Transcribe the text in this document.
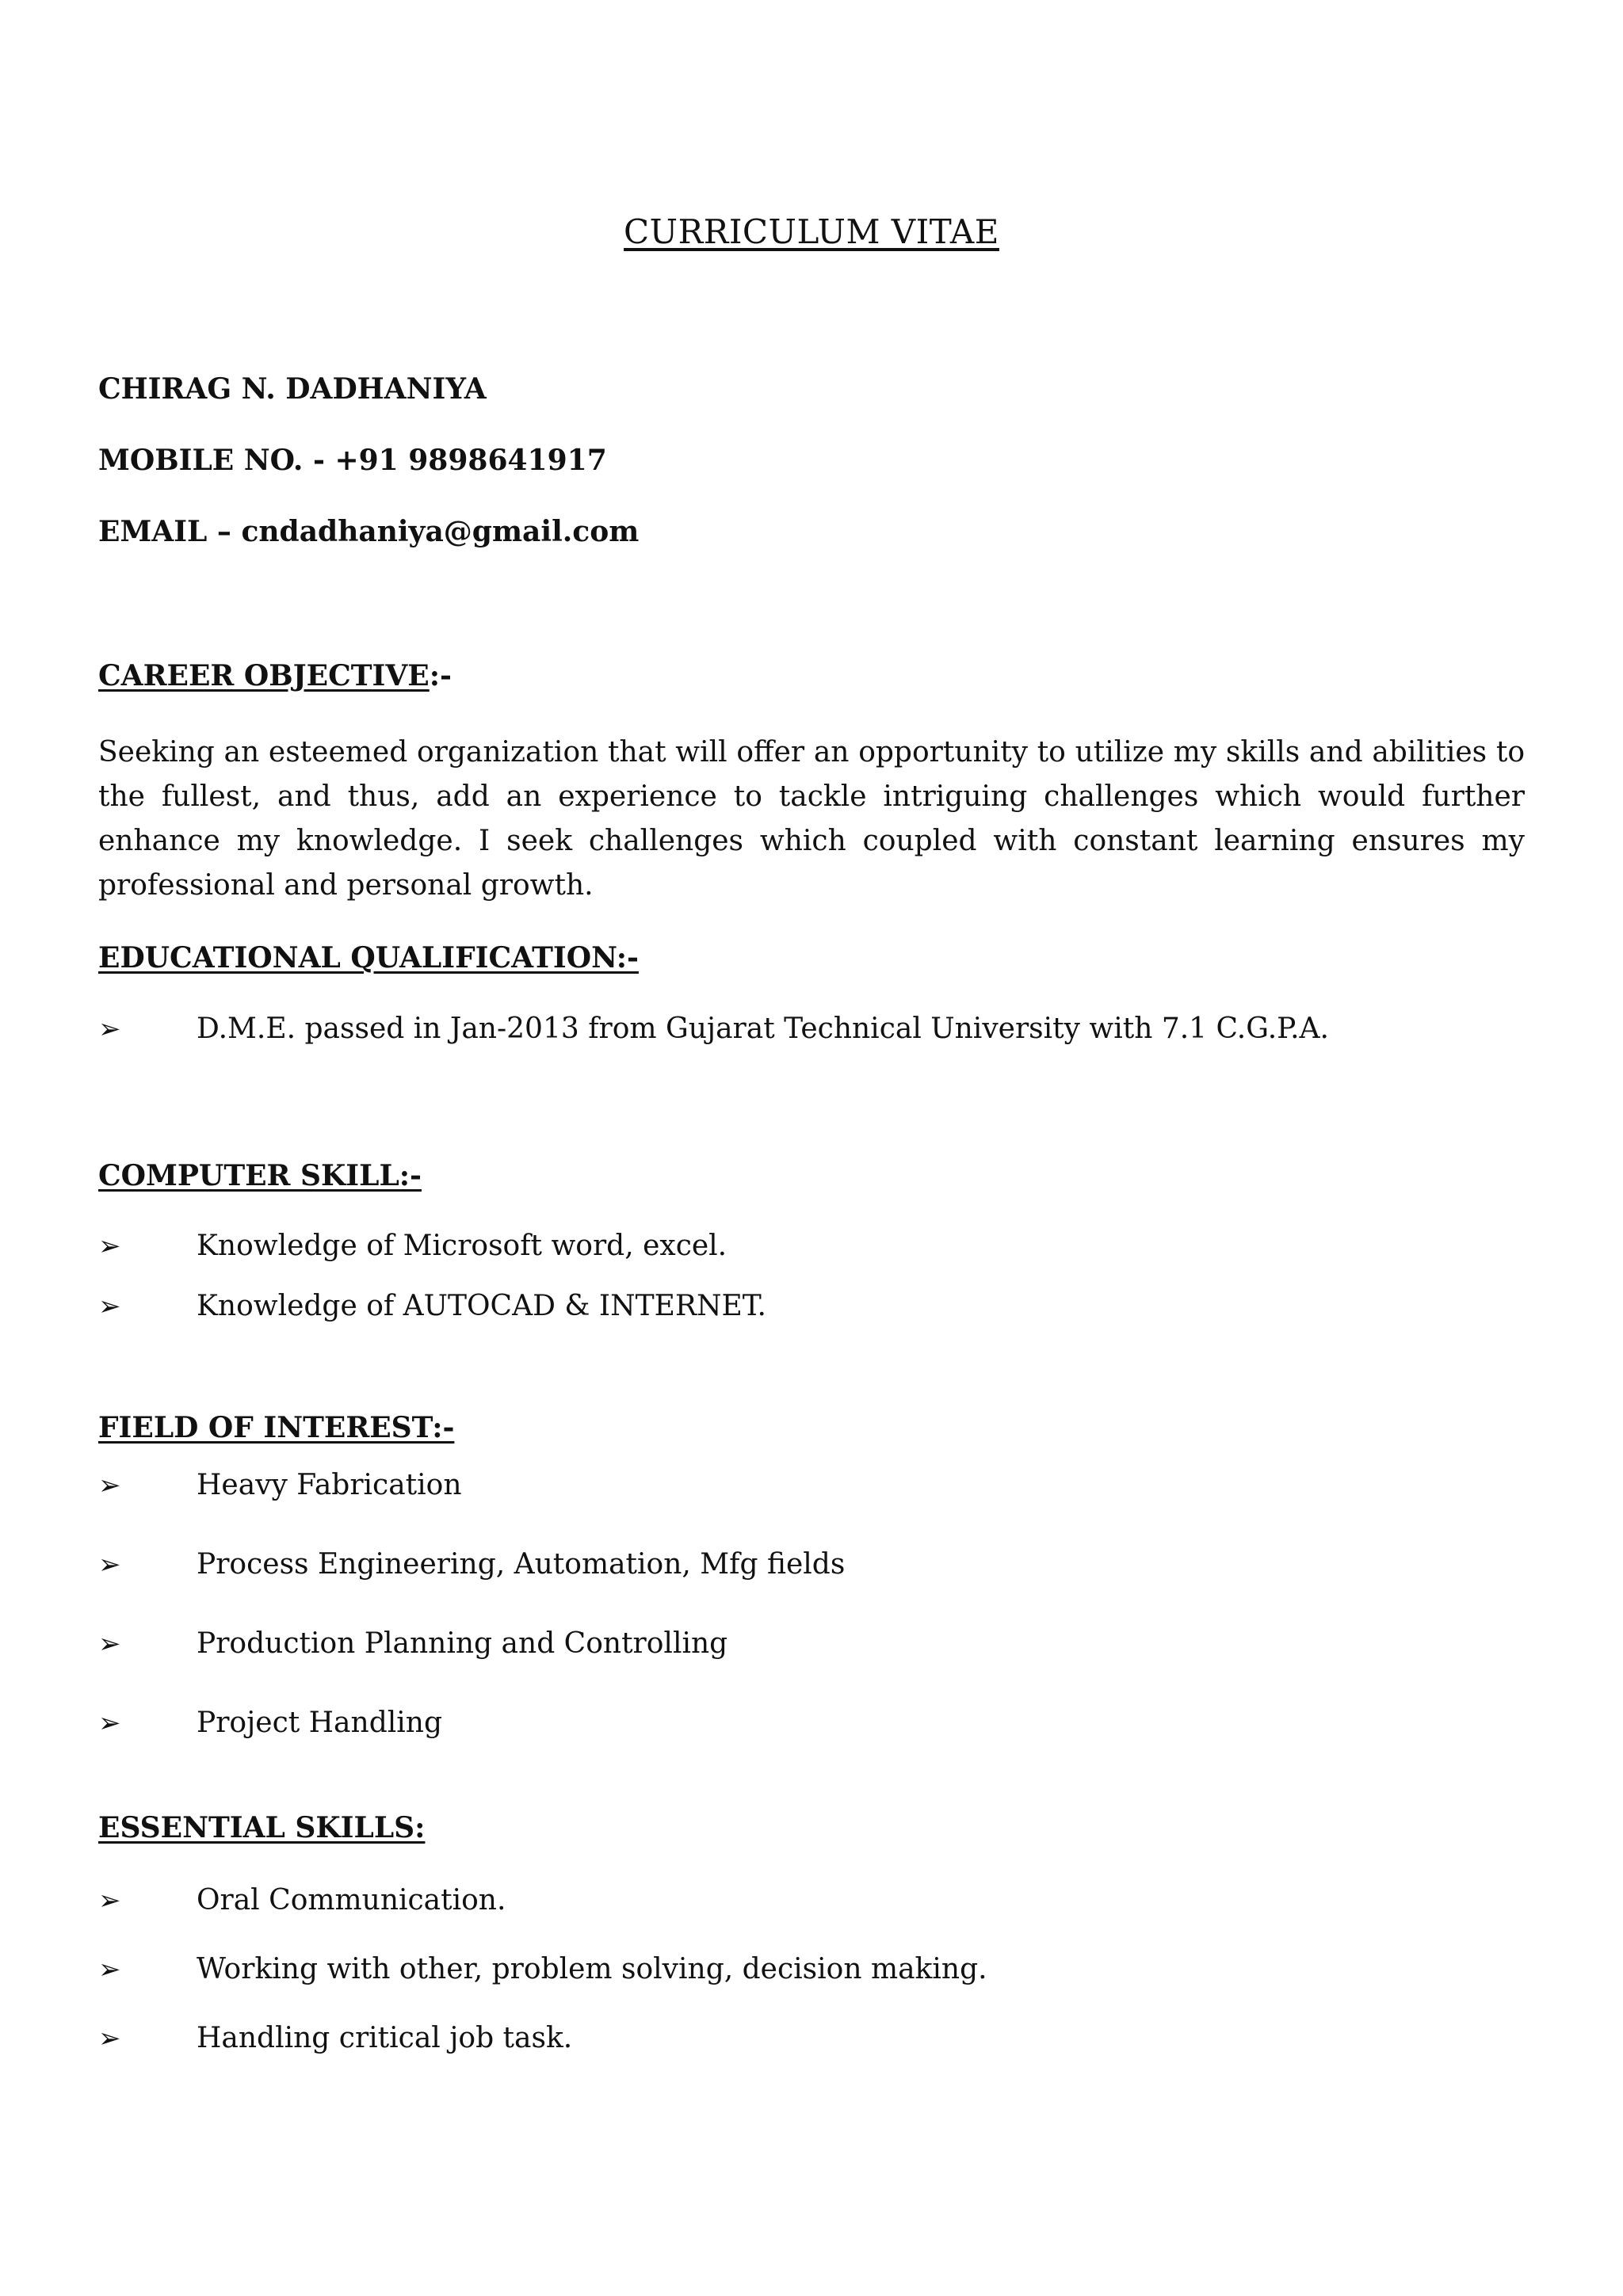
CURRICULUM VITAE
CHIRAG N. DADHANIYA
MOBILE NO. - +91 9898641917
EMAIL – cndadhaniya@gmail.com
CAREER OBJECTIVE:-
Seeking an esteemed organization that will offer an opportunity to utilize my skills and abilities to the fullest, and thus, add an experience to tackle intriguing challenges which would further enhance my knowledge. I seek challenges which coupled with constant learning ensures my professional and personal growth.
EDUCATIONAL QUALIFICATION:-
➢	D.M.E. passed in Jan-2013 from Gujarat Technical University with 7.1 C.G.P.A.
COMPUTER SKILL:-
➢	Knowledge of Microsoft word, excel.
➢	Knowledge of AUTOCAD & INTERNET.
FIELD OF INTEREST:-
➢	Heavy Fabrication
➢	Process Engineering, Automation, Mfg fields
➢	Production Planning and Controlling
➢	Project Handling
ESSENTIAL SKILLS:
➢	Oral Communication.
➢	Working with other, problem solving, decision making.
➢	Handling critical job task.
